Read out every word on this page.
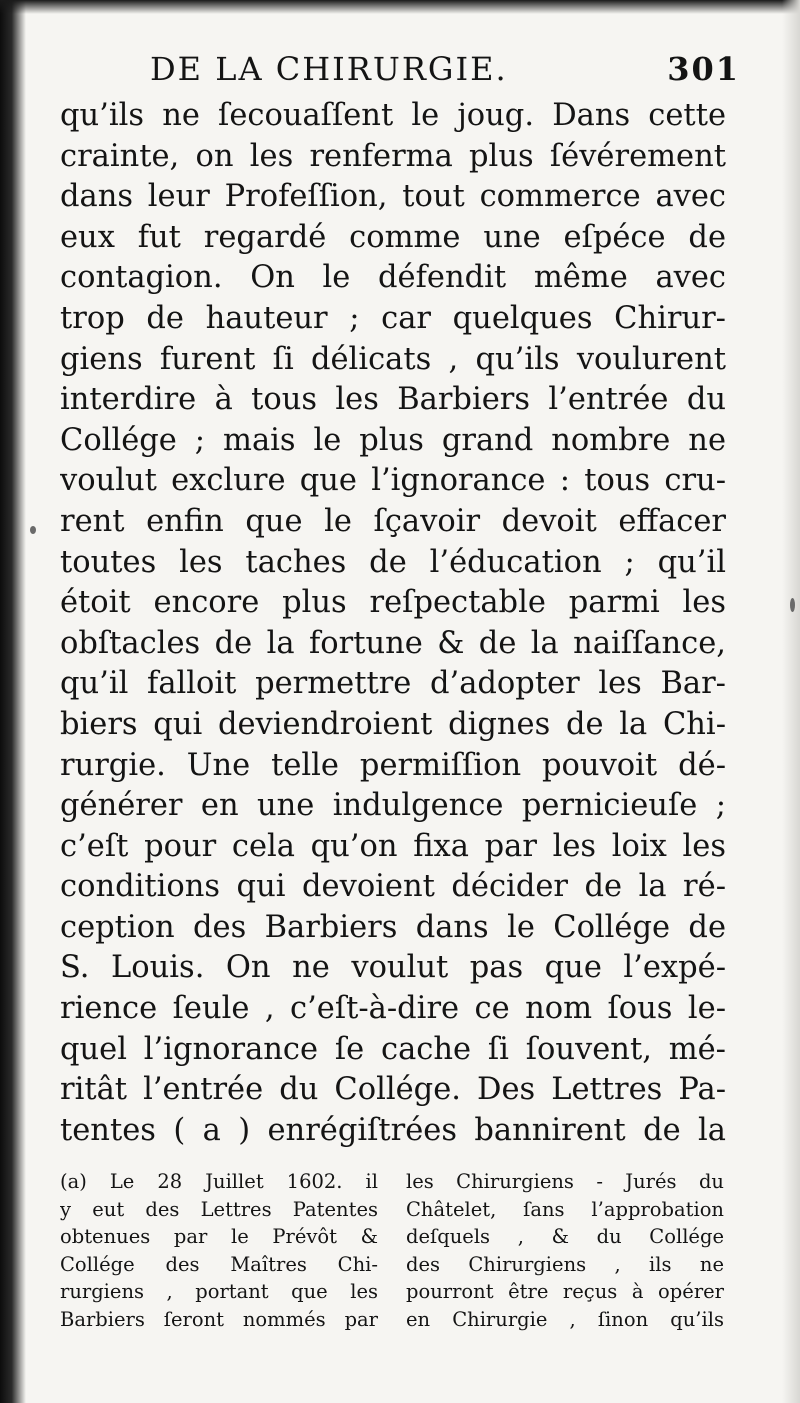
DE LA CHIRURGIE.	301
qu’ils ne ſecouaſſent le joug. Dans cette
crainte, on les renferma plus ſévérement
dans leur Profeſſion, tout commerce avec
eux fut regardé comme une eſpéce de
contagion. On le défendit même avec
trop de hauteur ; car quelques Chirur-
giens furent ſi délicats , qu’ils voulurent
interdire à tous les Barbiers l’entrée du
Collége ; mais le plus grand nombre ne
voulut exclure que l’ignorance : tous cru-
rent enfin que le ſçavoir devoit effacer
toutes les taches de l’éducation ; qu’il
étoit encore plus reſpectable parmi les
obſtacles de la fortune & de la naiſſance,
qu’il falloit permettre d’adopter les Bar-
biers qui deviendroient dignes de la Chi-
rurgie. Une telle permiſſion pouvoit dé-
générer en une indulgence pernicieuſe ;
c’eſt pour cela qu’on fixa par les loix les
conditions qui devoient décider de la ré-
ception des Barbiers dans le Collége de
S. Louis. On ne voulut pas que l’expé-
rience ſeule , c’eſt-à-dire ce nom ſous le-
quel l’ignorance ſe cache ſi ſouvent, mé-
ritât l’entrée du Collége. Des Lettres Pa-
tentes ( a ) enrégiſtrées bannirent de la
(a) Le 28 Juillet 1602. il
y eut des Lettres Patentes
obtenues par le Prévôt &
Collége des Maîtres Chi-
rurgiens , portant que les
Barbiers ſeront nommés par
les Chirurgiens - Jurés du
Châtelet, ſans l’approbation
deſquels , & du Collége
des Chirurgiens , ils ne
pourront être reçus à opérer
en Chirurgie , ſinon qu’ils
